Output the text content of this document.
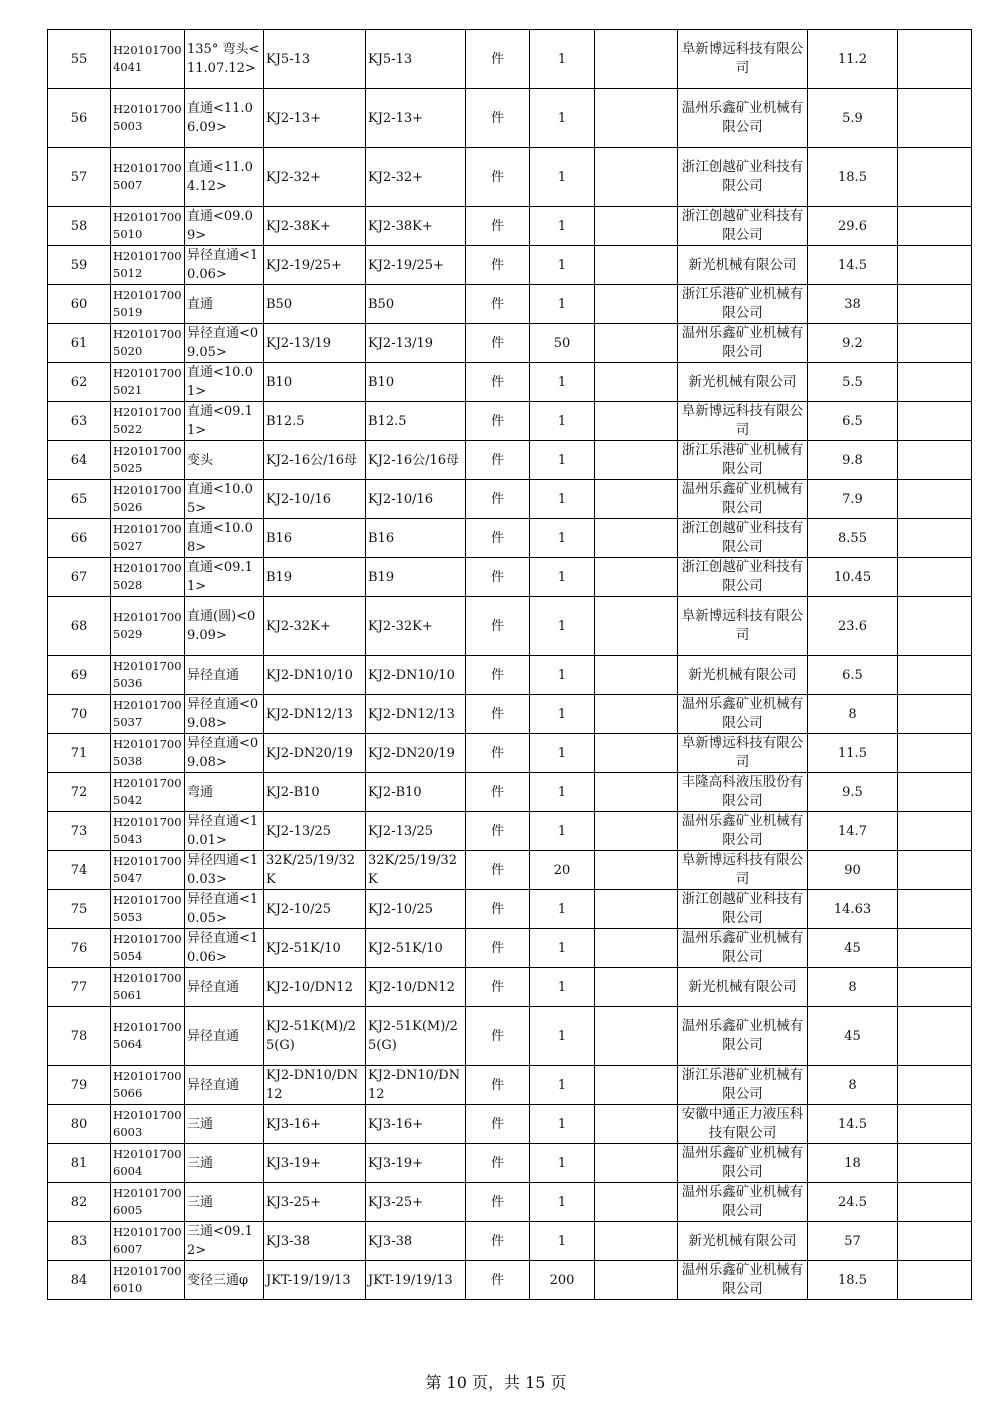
55	H201017004041	135° 弯头<11.07.12>	KJ5-13	KJ5-13	件	1		阜新博远科技有限公司	11.2	
56	H201017005003	直通<11.06.09>	KJ2-13+	KJ2-13+	件	1		温州乐鑫矿业机械有限公司	5.9	
57	H201017005007	直通<11.04.12>	KJ2-32+	KJ2-32+	件	1		浙江创越矿业科技有限公司	18.5	
58	H201017005010	直通<09.09>	KJ2-38K+	KJ2-38K+	件	1		浙江创越矿业科技有限公司	29.6	
59	H201017005012	异径直通<10.06>	KJ2-19/25+	KJ2-19/25+	件	1		新光机械有限公司	14.5	
60	H201017005019	直通	B50	B50	件	1		浙江乐港矿业机械有限公司	38	
61	H201017005020	异径直通<09.05>	KJ2-13/19	KJ2-13/19	件	50		温州乐鑫矿业机械有限公司	9.2	
62	H201017005021	直通<10.01>	B10	B10	件	1		新光机械有限公司	5.5	
63	H201017005022	直通<09.11>	B12.5	B12.5	件	1		阜新博远科技有限公司	6.5	
64	H201017005025	变头	KJ2-16公/16母	KJ2-16公/16母	件	1		浙江乐港矿业机械有限公司	9.8	
65	H201017005026	直通<10.05>	KJ2-10/16	KJ2-10/16	件	1		温州乐鑫矿业机械有限公司	7.9	
66	H201017005027	直通<10.08>	B16	B16	件	1		浙江创越矿业科技有限公司	8.55	
67	H201017005028	直通<09.11>	B19	B19	件	1		浙江创越矿业科技有限公司	10.45	
68	H201017005029	直通(圆)<09.09>	KJ2-32K+	KJ2-32K+	件	1		阜新博远科技有限公司	23.6	
69	H201017005036	异径直通	KJ2-DN10/10	KJ2-DN10/10	件	1		新光机械有限公司	6.5	
70	H201017005037	异径直通<09.08>	KJ2-DN12/13	KJ2-DN12/13	件	1		温州乐鑫矿业机械有限公司	8	
71	H201017005038	异径直通<09.08>	KJ2-DN20/19	KJ2-DN20/19	件	1		阜新博远科技有限公司	11.5	
72	H201017005042	弯通	KJ2-B10	KJ2-B10	件	1		丰隆高科液压股份有限公司	9.5	
73	H201017005043	异径直通<10.01>	KJ2-13/25	KJ2-13/25	件	1		温州乐鑫矿业机械有限公司	14.7	
74	H201017005047	异径四通<10.03>	32K/25/19/32K	32K/25/19/32K	件	20		阜新博远科技有限公司	90	
75	H201017005053	异径直通<10.05>	KJ2-10/25	KJ2-10/25	件	1		浙江创越矿业科技有限公司	14.63	
76	H201017005054	异径直通<10.06>	KJ2-51K/10	KJ2-51K/10	件	1		温州乐鑫矿业机械有限公司	45	
77	H201017005061	异径直通	KJ2-10/DN12	KJ2-10/DN12	件	1		新光机械有限公司	8	
78	H201017005064	异径直通	KJ2-51K(M)/25(G)	KJ2-51K(M)/25(G)	件	1		温州乐鑫矿业机械有限公司	45	
79	H201017005066	异径直通	KJ2-DN10/DN12	KJ2-DN10/DN12	件	1		浙江乐港矿业机械有限公司	8	
80	H201017006003	三通	KJ3-16+	KJ3-16+	件	1		安徽中通正力液压科技有限公司	14.5	
81	H201017006004	三通	KJ3-19+	KJ3-19+	件	1		温州乐鑫矿业机械有限公司	18	
82	H201017006005	三通	KJ3-25+	KJ3-25+	件	1		温州乐鑫矿业机械有限公司	24.5	
83	H201017006007	三通<09.12>	KJ3-38	KJ3-38	件	1		新光机械有限公司	57	
84	H201017006010	变径三通φ	JKT-19/19/13	JKT-19/19/13	件	200		温州乐鑫矿业机械有限公司	18.5	
第 10 页，共 15 页
